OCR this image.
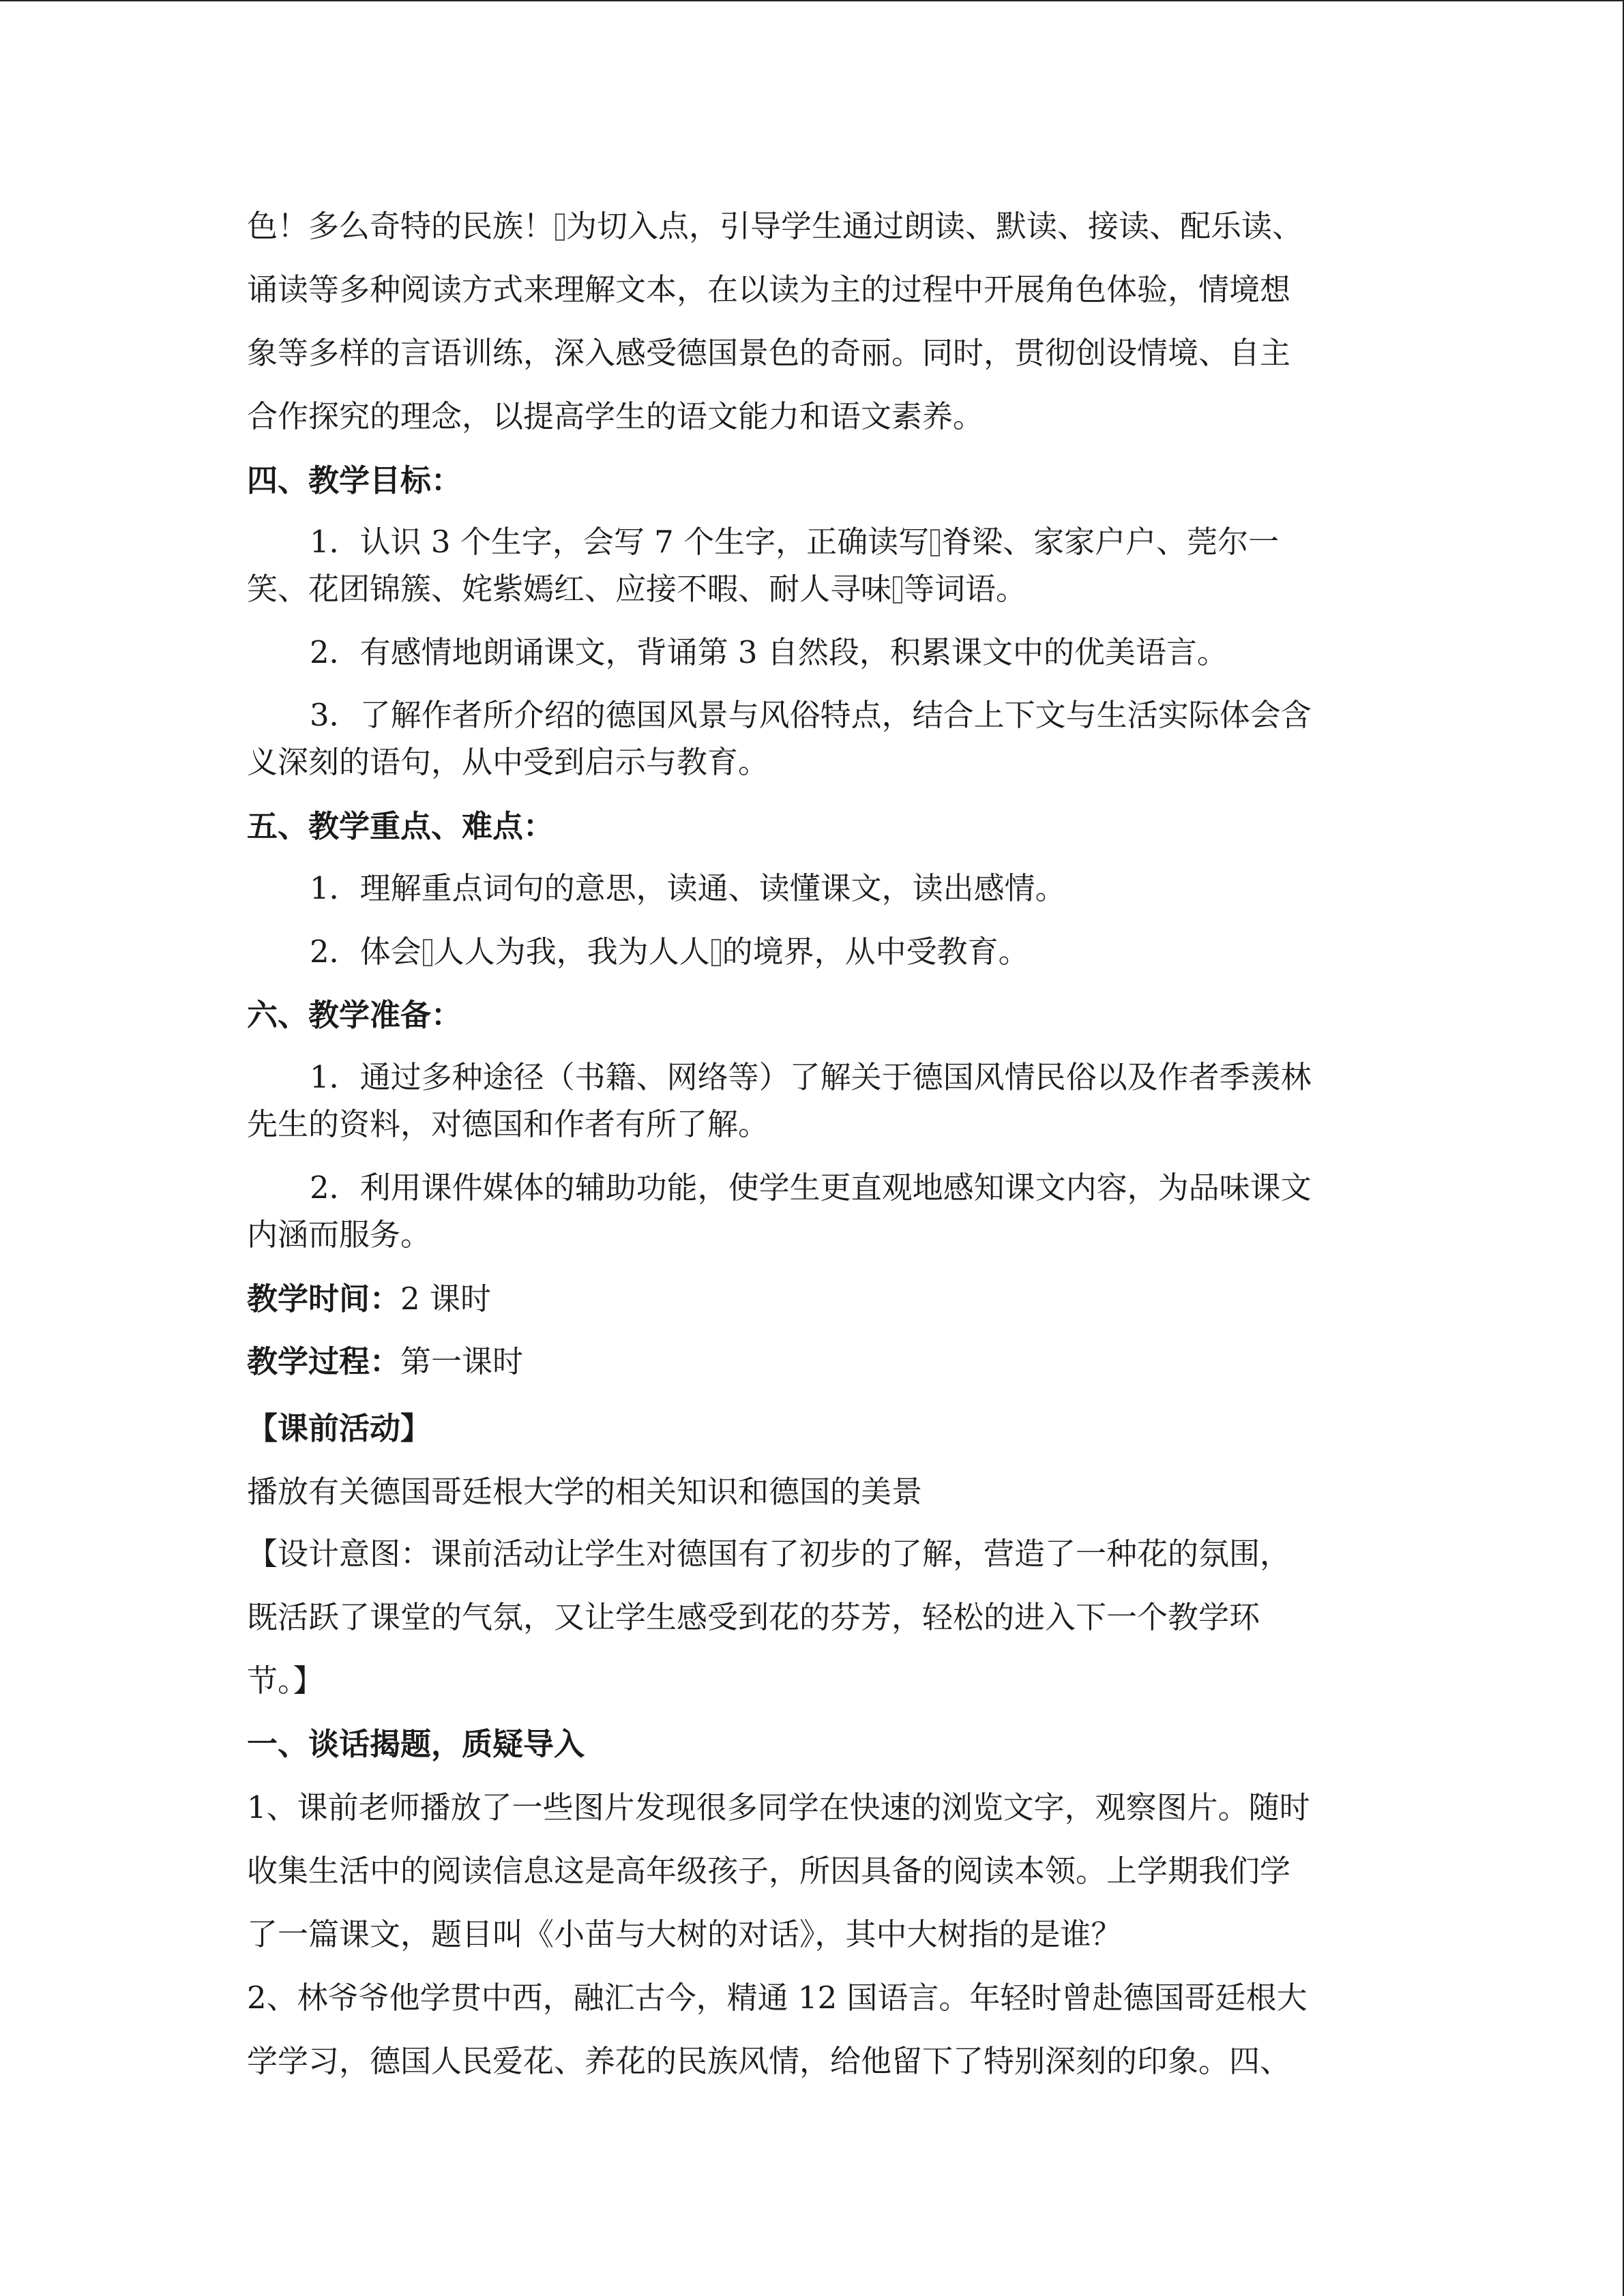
色！多么奇特的民族！ 为切入点，引导学生通过朗读、默读、接读、配乐读、
诵读等多种阅读方式来理解文本，在以读为主的过程中开展角色体验，情境想
象等多样的言语训练，深入感受德国景色的奇丽。同时，贯彻创设情境、自主
合作探究的理念，以提高学生的语文能力和语文素养。
四、教学目标：
1．认识 3 个生字，会写 7 个生字，正确读写 脊梁、家家户户、莞尔一
笑、花团锦簇、姹紫嫣红、应接不暇、耐人寻味 等词语。
2．有感情地朗诵课文，背诵第 3 自然段，积累课文中的优美语言。
3．了解作者所介绍的德国风景与风俗特点，结合上下文与生活实际体会含
义深刻的语句，从中受到启示与教育。
五、教学重点、难点：
1．理解重点词句的意思，读通、读懂课文，读出感情。
2．体会 人人为我，我为人人 的境界，从中受教育。
六、教学准备：
1．通过多种途径（书籍、网络等）了解关于德国风情民俗以及作者季羡林
先生的资料，对德国和作者有所了解。
2．利用课件媒体的辅助功能，使学生更直观地感知课文内容，为品味课文
内涵而服务。
教学时间：2 课时
教学过程：第一课时
【课前活动】
播放有关德国哥廷根大学的相关知识和德国的美景
【设计意图：课前活动让学生对德国有了初步的了解，营造了一种花的氛围，
既活跃了课堂的气氛，又让学生感受到花的芬芳，轻松的进入下一个教学环
节。】
一、谈话揭题，质疑导入
1、课前老师播放了一些图片发现很多同学在快速的浏览文字，观察图片。随时
收集生活中的阅读信息这是高年级孩子，所因具备的阅读本领。上学期我们学
了一篇课文，题目叫《小苗与大树的对话》，其中大树指的是谁？
2、林爷爷他学贯中西，融汇古今，精通 12 国语言。年轻时曾赴德国哥廷根大
学学习，德国人民爱花、养花的民族风情，给他留下了特别深刻的印象。四、
